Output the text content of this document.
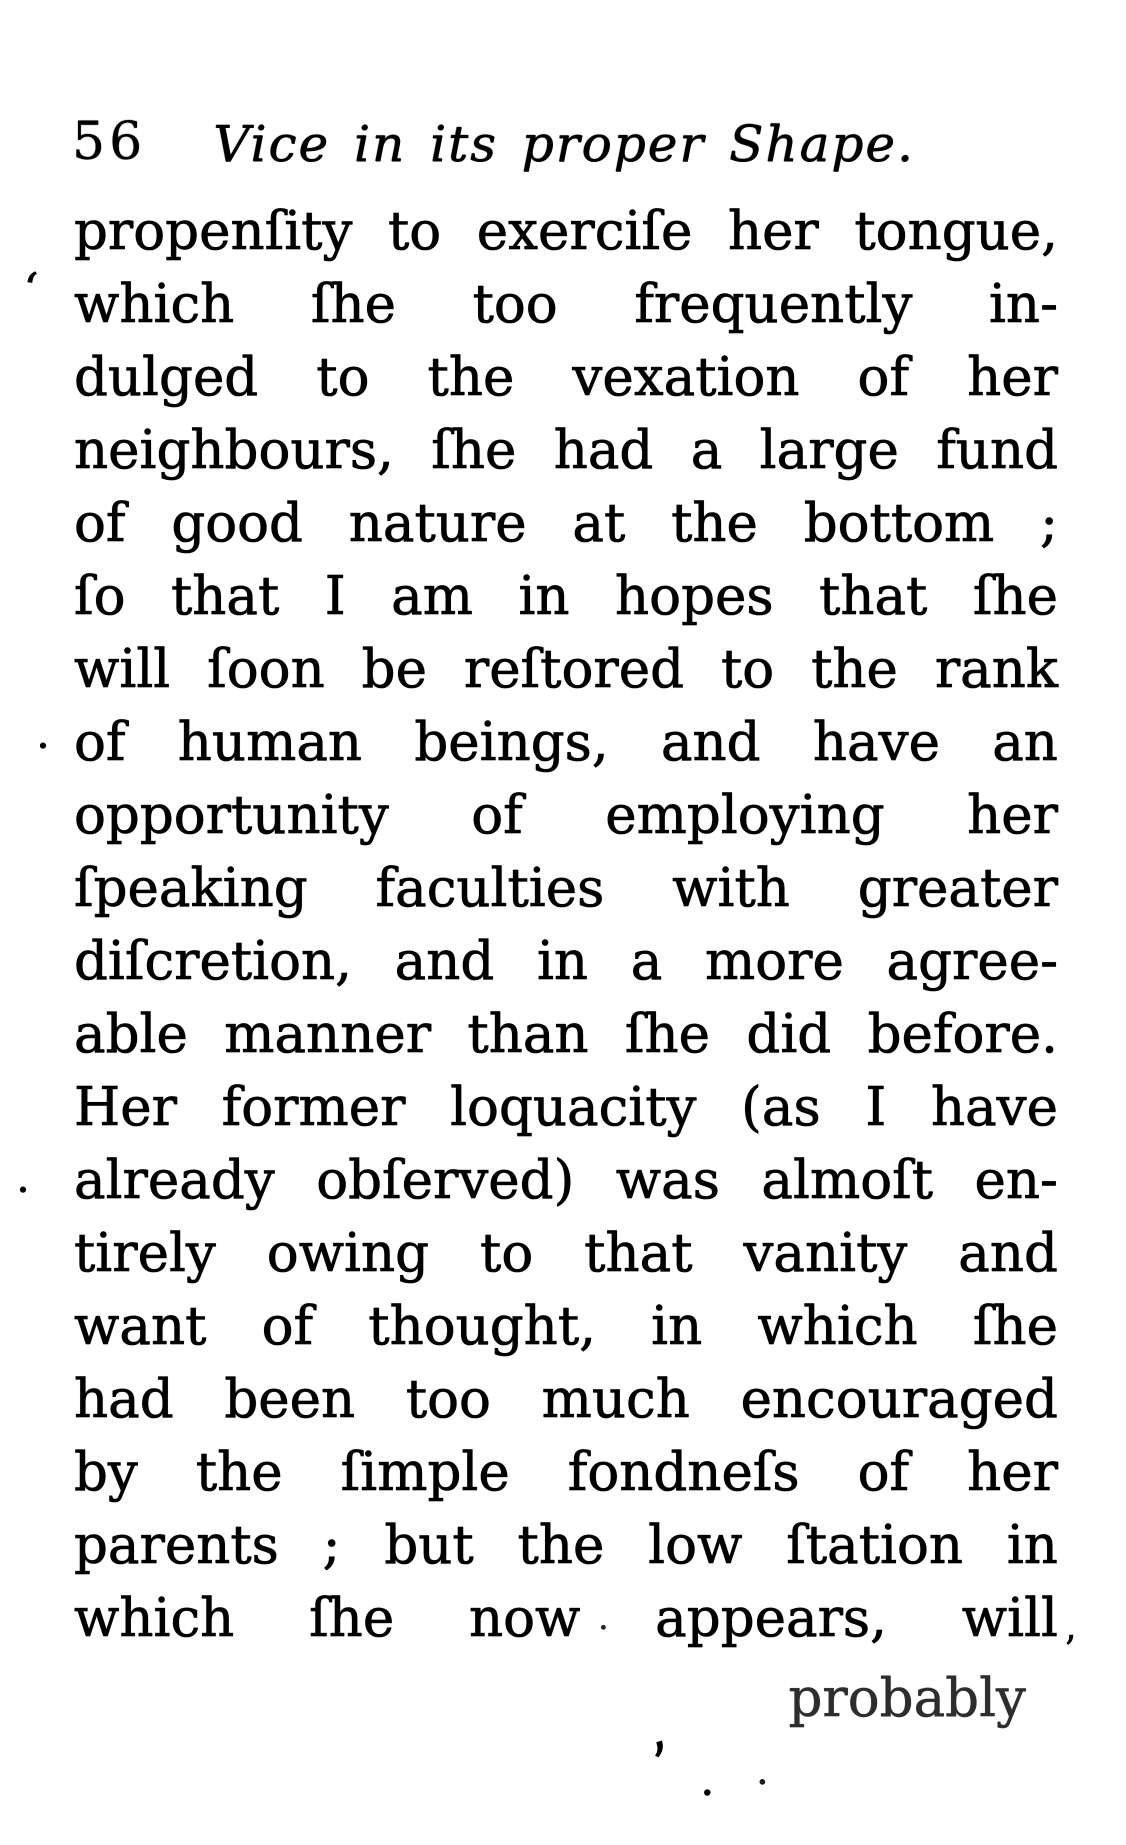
56	Vice in its proper Shape.
propenſity to exerciſe her tongue,
which ſhe too frequently in-
dulged to the vexation of her
neighbours, ſhe had a large fund
of good nature at the bottom ;
ſo that I am in hopes that ſhe
will ſoon be reſtored to the rank
of human beings, and have an
opportunity of employing her
ſpeaking faculties with greater
diſcretion, and in a more agree-
able manner than ſhe did before.
Her former loquacity (as I have
already obſerved) was almoſt en-
tirely owing to that vanity and
want of thought, in which ſhe
had been too much encouraged
by the ſimple fondneſs of her
parents ; but the low ſtation in
which ſhe now appears, will
probably
‘
.
.
.
,
. .
’
